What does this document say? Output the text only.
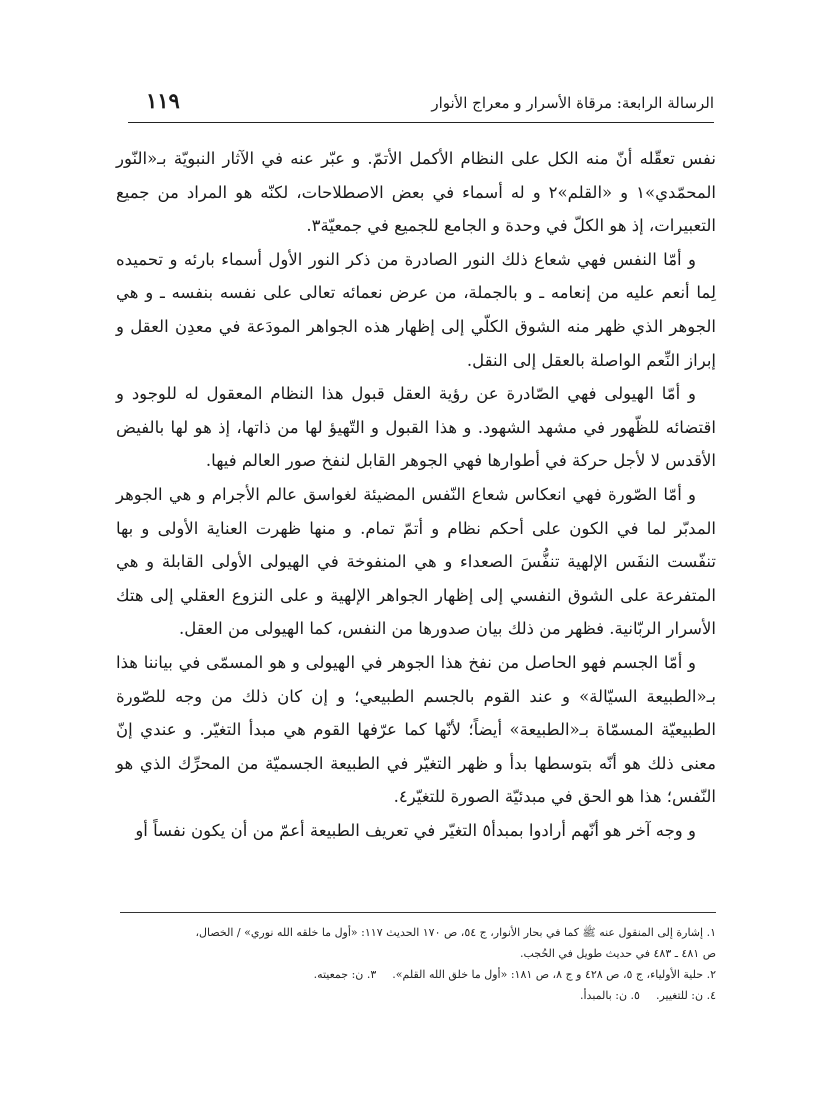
الرسالة الرابعة: مرقاة الأسرار و معراج الأنوار
١١٩

نفس تعقّله أنّ منه الكل على النظام الأكمل الأتمّ. و عبّر عنه في الآثار النبويّة بـ«النّور المحمّدي»١ و «القلم»٢ و له أسماء في بعض الاصطلاحات، لكنّه هو المراد من جميع التعبيرات، إذ هو الكلّ في وحدة و الجامع للجميع في جمعيّة٣.

و أمّا النفس فهي شعاع ذلك النور الصادرة من ذكر النور الأول أسماء بارئه و تحميده لِما أنعم عليه من إنعامه ـ و بالجملة، من عرض نعمائه تعالى على نفسه بنفسه ـ و هي الجوهر الذي ظهر منه الشوق الكلّي إلى إظهار هذه الجواهر المودَعة في معدِن العقل و إبراز النِّعم الواصلة بالعقل إلى النقل.

و أمّا الهيولى فهي الصّادرة عن رؤية العقل قبول هذا النظام المعقول له للوجود و اقتضائه للظّهور في مشهد الشهود. و هذا القبول و التّهيؤ لها من ذاتها، إذ هو لها بالفيض الأقدس لا لأجل حركة في أطوارها فهي الجوهر القابل لنفخ صور العالم فيها.

و أمّا الصّورة فهي انعكاس شعاع النّفس المضيئة لغواسق عالم الأجرام و هي الجوهر المدبّر لما في الكون على أحكم نظام و أتمّ تمام. و منها ظهرت العناية الأولى و بها تنفّست النفَس الإلهية تنفُّسَ الصعداء و هي المنفوخة في الهيولى الأولى القابلة و هي المتفرعة على الشوق النفسي إلى إظهار الجواهر الإلهية و على النزوع العقلي إلى هتك الأسرار الربّانية. فظهر من ذلك بيان صدورها من النفس، كما الهيولى من العقل.

و أمّا الجسم فهو الحاصل من نفخ هذا الجوهر في الهيولى و هو المسمّى في بياننا هذا بـ«الطبيعة السيّالة» و عند القوم بالجسم الطبيعي؛ و إن كان ذلك من وجه للصّورة الطبيعيّة المسمّاة بـ«الطبيعة» أيضاً؛ لأنّها كما عرّفها القوم هي مبدأ التغيّر. و عندي إنّ معنى ذلك هو أنّه بتوسطها بدأ و ظهر التغيّر في الطبيعة الجسميّة من المحرِّك الذي هو النّفس؛ هذا هو الحق في مبدئيّة الصورة للتغيّر٤.

و وجه آخر هو أنّهم أرادوا بمبدأ٥ التغيّر في تعريف الطبيعة أعمّ من أن يكون نفساً أو

١. إشارة إلى المنقول عنه ﷺ كما في بحار الأنوار، ج ٥٤، ص ١٧٠ الحديث ١١٧: «أول ما خلقه الله نوري» / الخصال،

ص ٤٨١ ـ ٤٨٣ في حديث طويل في الحُجب.

٢. حلية الأولياء، ج ٥، ص ٤٢٨ و ج ٨، ص ١٨١: «أول ما خلق الله القلم».٣. ن: جمعيته.

٤. ن: للتغيير.٥. ن: بالمبدأ.
